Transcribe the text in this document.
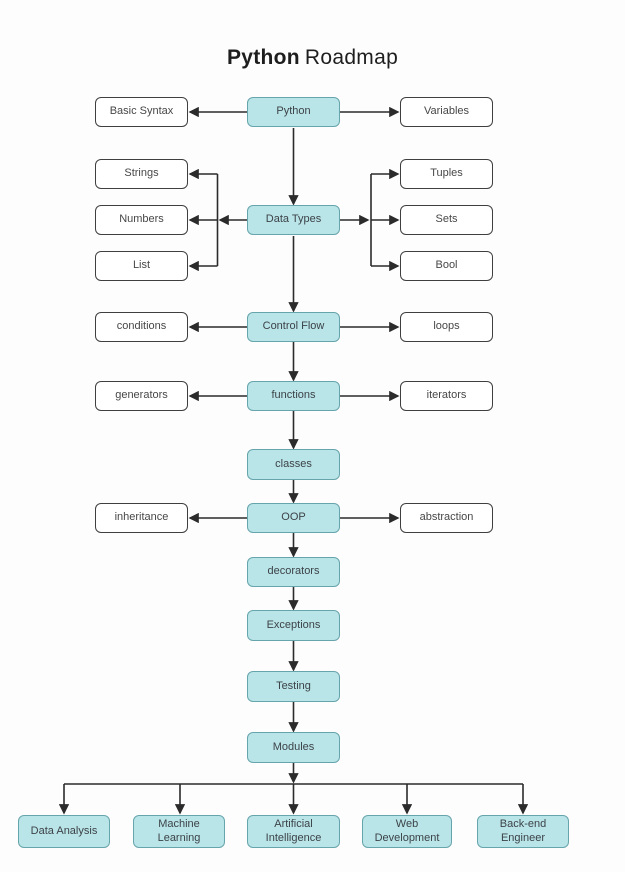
Python Roadmap
Basic Syntax	Python	Variables
Strings	Tuples
Numbers	Data Types	Sets
List	Bool
conditions	Control Flow	loops
generators	functions	iterators
classes
inheritance	OOP	abstraction
decorators
Exceptions
Testing
Modules
Data Analysis
Machine Learning
Artificial Intelligence
Web Development
Back-end Engineer
